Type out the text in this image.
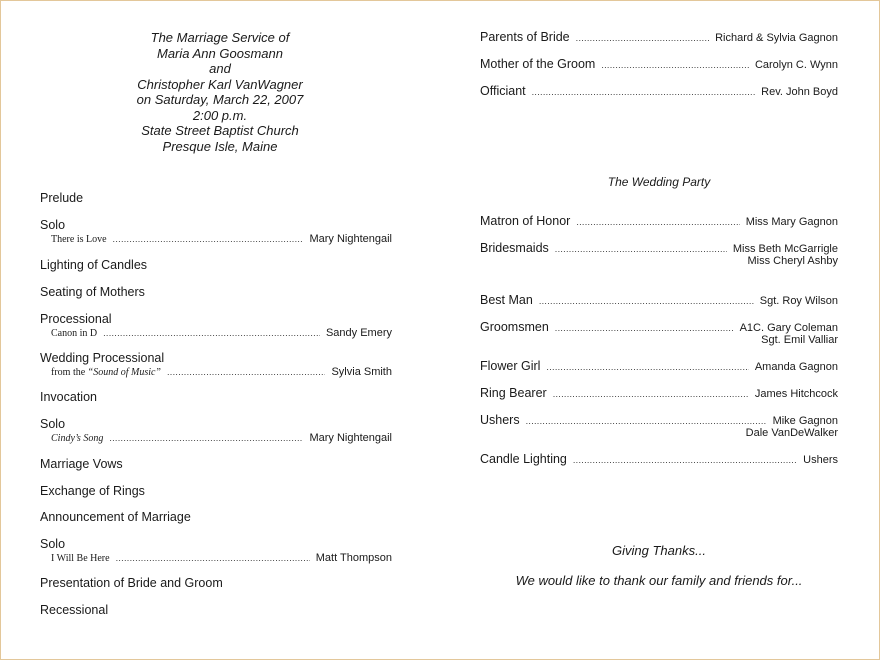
The Marriage Service of
Maria Ann Goosmann
and
Christopher Karl VanWagner
on Saturday, March 22, 2007
2:00 p.m.
State Street Baptist Church
Presque Isle, Maine
Prelude
Solo
There is Love .....	Mary Nightengail
Lighting of Candles
Seating of Mothers
Processional
Canon in D .....	Sandy Emery
Wedding Processional
from the “Sound of Music” .....	Sylvia Smith
Invocation
Solo
Cindy’s Song .....	Mary Nightengail
Marriage Vows
Exchange of Rings
Announcement of Marriage
Solo
I Will Be Here .....	Matt Thompson
Presentation of Bride and Groom
Recessional
Parents of Bride .....	Richard & Sylvia Gagnon
Mother of the Groom .....	Carolyn C. Wynn
Officiant .....	Rev. John Boyd
The Wedding Party
Matron of Honor .....	Miss Mary Gagnon
Bridesmaids .....	Miss Beth McGarrigle
Miss Cheryl Ashby
Best Man .....	Sgt. Roy Wilson
Groomsmen .....	A1C. Gary Coleman
Sgt. Emil Valliar
Flower Girl .....	Amanda Gagnon
Ring Bearer .....	James Hitchcock
Ushers .....	Mike Gagnon
Dale VanDeWalker
Candle Lighting .....	Ushers
Giving Thanks...
We would like to thank our family and friends for...
